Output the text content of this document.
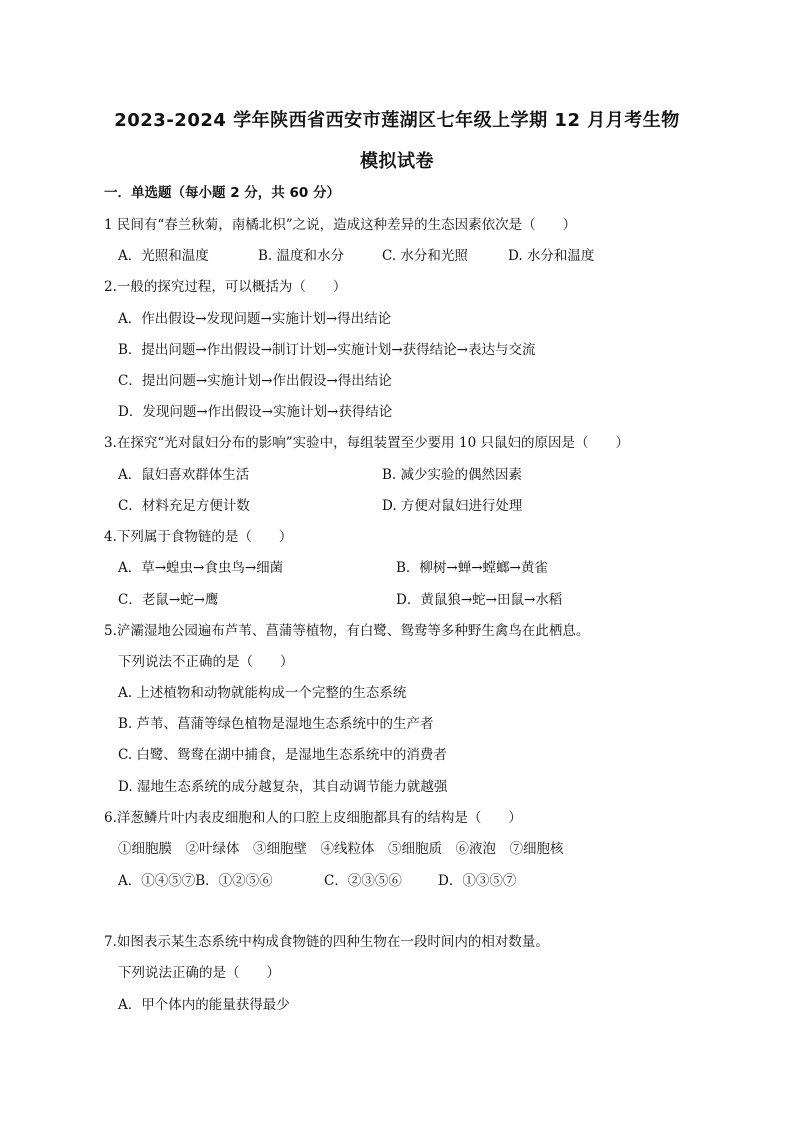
2023-2024 学年陕西省西安市莲湖区七年级上学期 12 月月考生物
模拟试卷
一．单选题（每小题 2 分，共 60 分）
1 民间有“春兰秋菊，南橘北枳”之说，造成这种差异的生态因素依次是（　　）
A．光照和温度	B. 温度和水分	C. 水分和光照	D. 水分和温度
2.一般的探究过程，可以概括为（　　）
A．作出假设→发现问题→实施计划→得出结论
B．提出问题→作出假设→制订计划→实施计划→获得结论→表达与交流
C．提出问题→实施计划→作出假设→得出结论
D．发现问题→作出假设→实施计划→获得结论
3.在探究“光对鼠妇分布的影响”实验中，每组装置至少要用 10 只鼠妇的原因是（　　）
A．鼠妇喜欢群体生活	B. 减少实验的偶然因素
C．材料充足方便计数	D. 方便对鼠妇进行处理
4.下列属于食物链的是（　　）
A．草→蝗虫→食虫鸟→细菌	B．柳树→蝉→螳螂→黄雀
C．老鼠→蛇→鹰	D．黄鼠狼→蛇→田鼠→水稻
5.浐灞湿地公园遍布芦苇、菖蒲等植物，有白鹭、鸳鸯等多种野生禽鸟在此栖息。
下列说法不正确的是（　　）
A. 上述植物和动物就能构成一个完整的生态系统
B. 芦苇、菖蒲等绿色植物是湿地生态系统中的生产者
C. 白鹭、鸳鸯在湖中捕食，是湿地生态系统中的消费者
D. 湿地生态系统的成分越复杂，其自动调节能力就越强
6.洋葱鳞片叶内表皮细胞和人的口腔上皮细胞都具有的结构是（　　）
①细胞膜　②叶绿体　③细胞壁　④线粒体　⑤细胞质　⑥液泡　⑦细胞核
A．①④⑤⑦B．①②⑤⑥	C．②③⑤⑥	D．①③⑤⑦
7.如图表示某生态系统中构成食物链的四种生物在一段时间内的相对数量。
下列说法正确的是（　　）
A．甲个体内的能量获得最少
